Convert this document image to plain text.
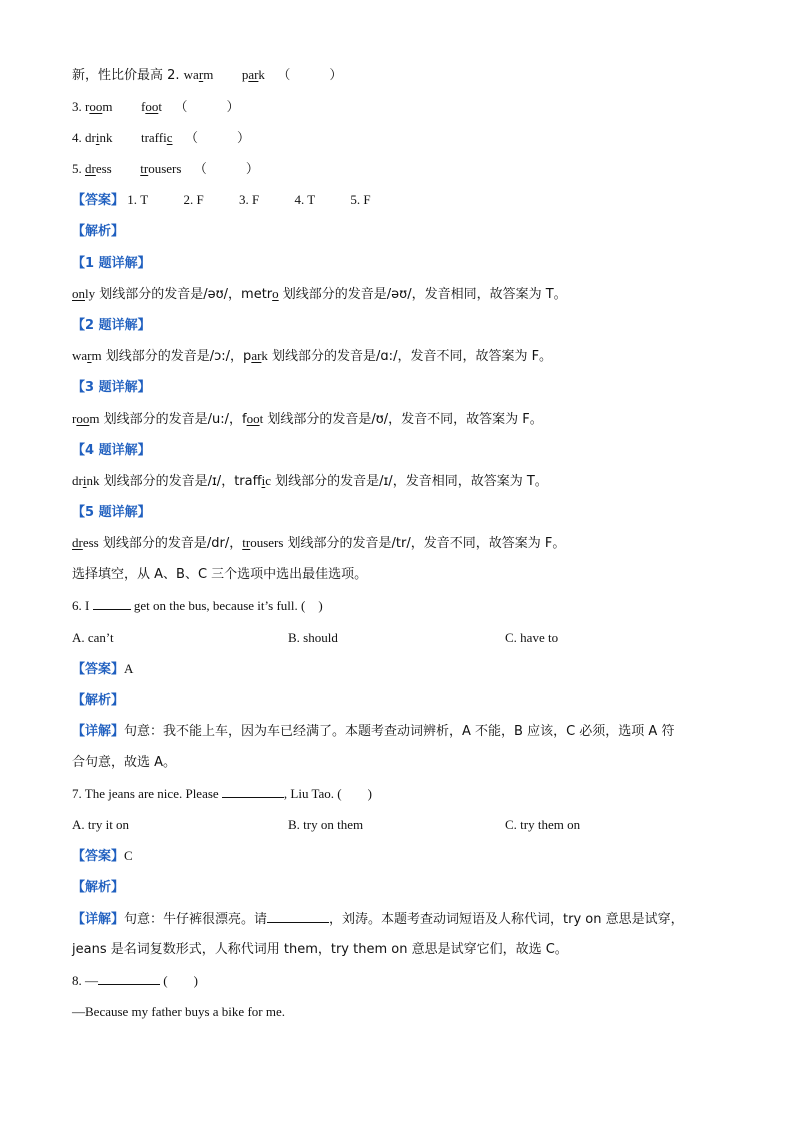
新，性比价最高 2. warm park （　　　）
3. room foot （　　　）
4. drink traffic （　　　）
5. dress trousers （　　　）
【答案】 1. T	2. F	3. F	4. T	5. F
【解析】
【1 题详解】
only 划线部分的发音是/əʊ/，metro 划线部分的发音是/əʊ/，发音相同，故答案为 T。
【2 题详解】
warm 划线部分的发音是/ɔ:/，park 划线部分的发音是/ɑ:/，发音不同，故答案为 F。
【3 题详解】
room 划线部分的发音是/u:/，foot 划线部分的发音是/ʊ/，发音不同，故答案为 F。
【4 题详解】
drink 划线部分的发音是/ɪ/，traffic 划线部分的发音是/ɪ/，发音相同，故答案为 T。
【5 题详解】
dress 划线部分的发音是/dr/，trousers 划线部分的发音是/tr/，发音不同，故答案为 F。
选择填空，从 A、B、C 三个选项中选出最佳选项。
6. I	get on the bus, because it’s full. (　)
A. can’t	B. should	C. have to
【答案】A
【解析】
【详解】句意：我不能上车，因为车已经满了。本题考查动词辨析，A 不能，B 应该，C 必须，选项 A 符
合句意，故选 A。
7. The jeans are nice. Please	, Liu Tao. (　　)
A. try it on	B. try on them	C. try them on
【答案】C
【解析】
【详解】句意：牛仔裤很漂亮。请	，刘涛。本题考查动词短语及人称代词，try on 意思是试穿，
jeans 是名词复数形式，人称代词用 them，try them on 意思是试穿它们，故选 C。
8. —	(　　)
—Because my father buys a bike for me.
